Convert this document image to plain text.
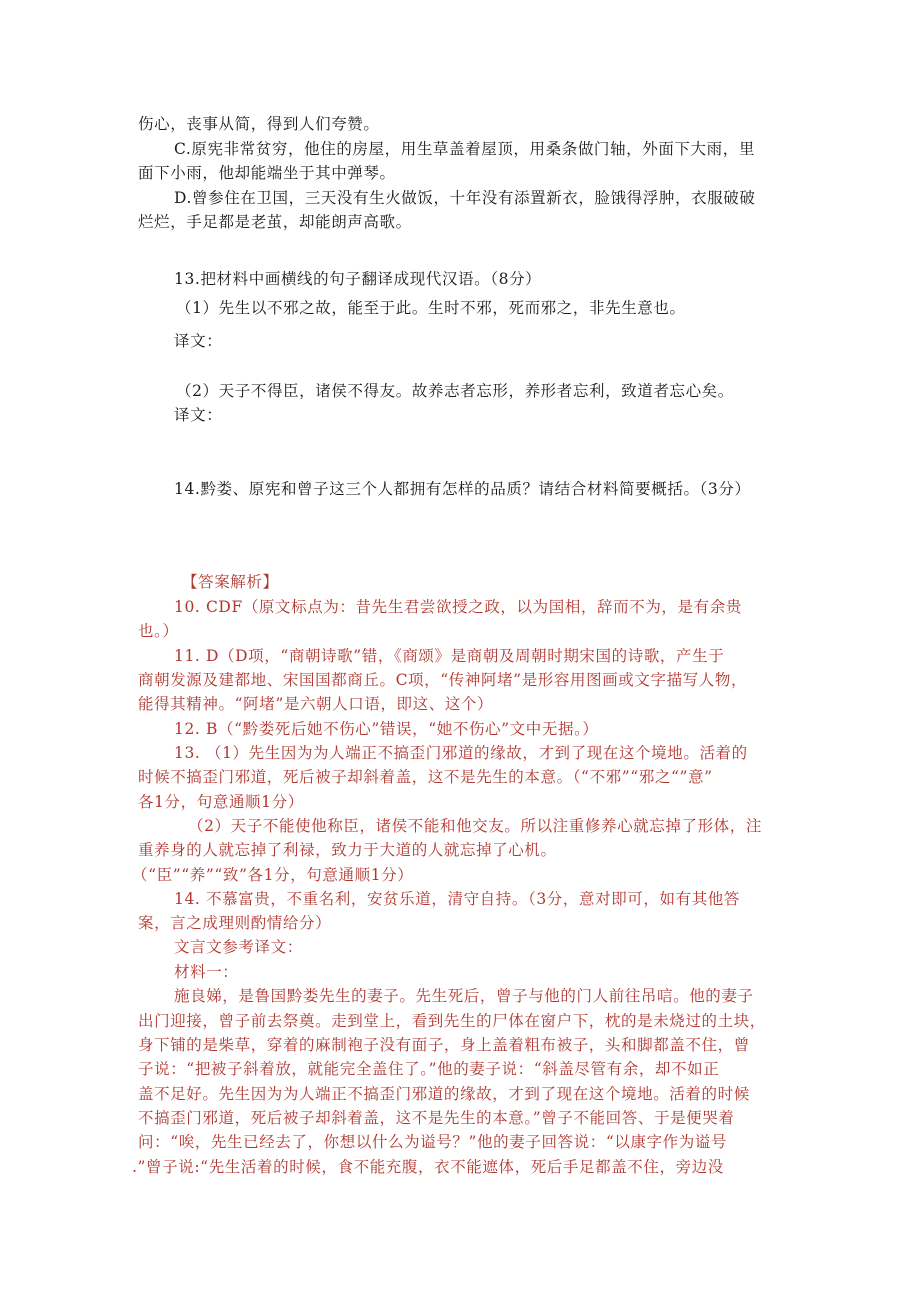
伤心，丧事从简，得到人们夸赞。
C.原宪非常贫穷，他住的房屋，用生草盖着屋顶，用桑条做门轴，外面下大雨，里
面下小雨，他却能端坐于其中弹琴。
D.曾参住在卫国，三天没有生火做饭，十年没有添置新衣，脸饿得浮肿，衣服破破
烂烂，手足都是老茧，却能朗声高歌。
13.把材料中画横线的句子翻译成现代汉语。（8分）
（1）先生以不邪之故，能至于此。生时不邪，死而邪之，非先生意也。
译文：
（2）天子不得臣，诸侯不得友。故养志者忘形，养形者忘利，致道者忘心矣。
译文：
14.黔娄、原宪和曾子这三个人都拥有怎样的品质？请结合材料简要概括。（3分）
【答案解析】
10. CDF（原文标点为：昔先生君尝欲授之政，以为国相，辞而不为，是有余贵
也。）
11. D（D项，“商朝诗歌”错，《商颂》是商朝及周朝时期宋国的诗歌，产生于
商朝发源及建都地、宋国国都商丘。C项，“传神阿堵”是形容用图画或文字描写人物，
能得其精神。“阿堵”是六朝人口语，即这、这个）
12. B（“黔娄死后她不伤心”错误，“她不伤心”文中无据。）
13. （1）先生因为为人端正不搞歪门邪道的缘故，才到了现在这个境地。活着的
时候不搞歪门邪道，死后被子却斜着盖，这不是先生的本意。（“不邪”“邪之“”意”
各1分，句意通顺1分）
（2）天子不能使他称臣，诸侯不能和他交友。所以注重修养心就忘掉了形体，注
重养身的人就忘掉了利禄，致力于大道的人就忘掉了心机。
（“臣”“养”“致”各1分，句意通顺1分）
14. 不慕富贵，不重名利，安贫乐道，清守自持。（3分，意对即可，如有其他答
案，言之成理则酌情给分）
文言文参考译文：
材料一：
施良娣，是鲁国黔娄先生的妻子。先生死后，曾子与他的门人前往吊唁。他的妻子
出门迎接，曾子前去祭奠。走到堂上，看到先生的尸体在窗户下，枕的是未烧过的土块，
身下铺的是柴草，穿着的麻制袍子没有面子，身上盖着粗布被子，头和脚都盖不住，曾
子说：“把被子斜着放，就能完全盖住了。”他的妻子说：“斜盖尽管有余，却不如正
盖不足好。先生因为为人端正不搞歪门邪道的缘故，才到了现在这个境地。活着的时候
不搞歪门邪道，死后被子却斜着盖，这不是先生的本意。”曾子不能回答、于是便哭着
问：“唉，先生已经去了，你想以什么为谥号？”他的妻子回答说：“以康字作为谥号
.”曾子说:“先生活着的时候，食不能充腹，衣不能遮体，死后手足都盖不住，旁边没
